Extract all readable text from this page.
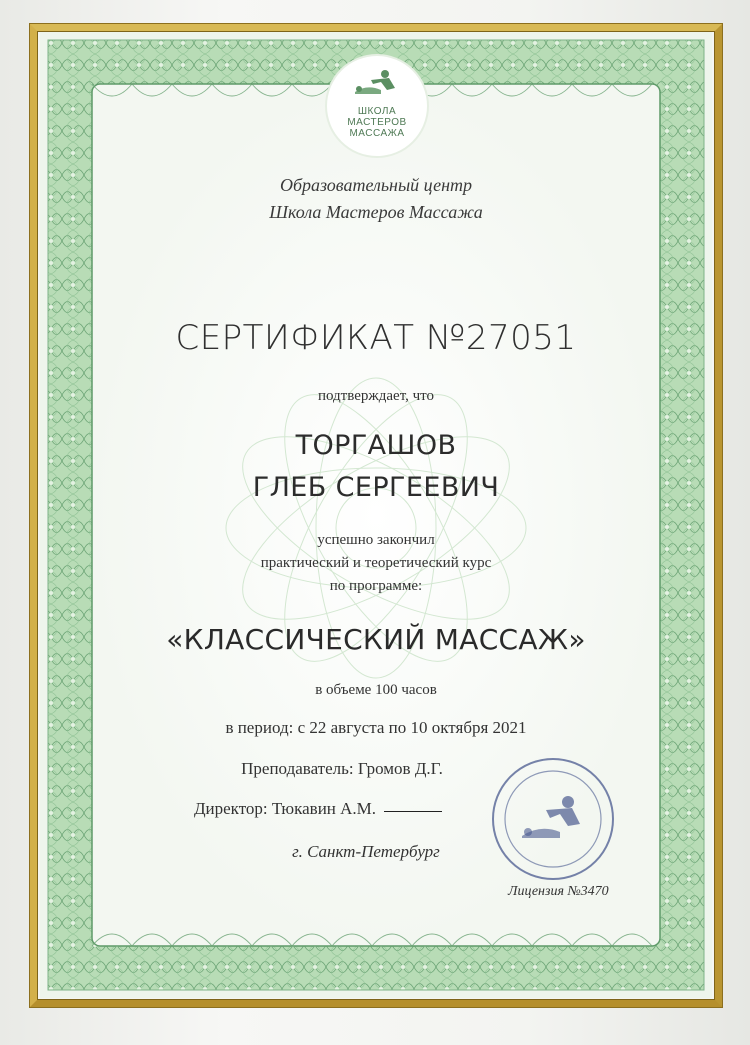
ШКОЛА
МАСТЕРОВ
МАССАЖА
Образовательный центр
Школа Мастеров Массажа
СЕРТИФИКАТ №27051
подтверждает, что
ТОРГАШОВ
ГЛЕБ СЕРГЕЕВИЧ
успешно закончил
практический и теоретический курс
по программе:
«КЛАССИЧЕСКИЙ МАССАЖ»
в объеме 100 часов
в период: с 22 августа по 10 октября 2021
Преподаватель: Громов Д.Г.
Директор: Тюкавин А.М.
г. Санкт-Петербург
Лицензия №3470
